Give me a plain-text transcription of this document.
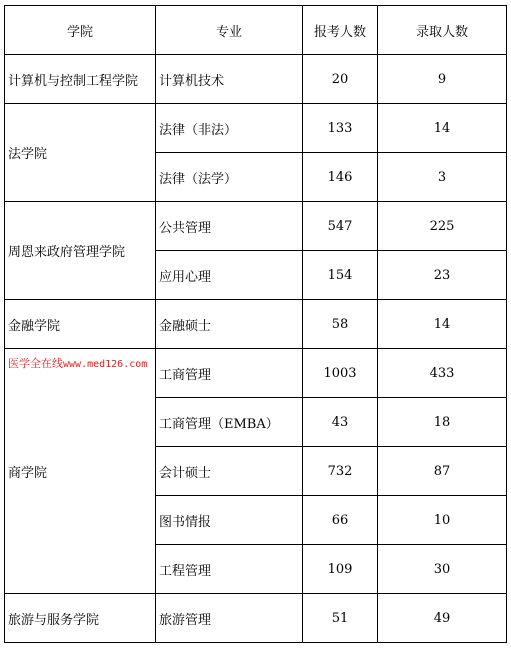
学院	专业	报考人数	录取人数
计算机与控制工程学院	计算机技术	20	9
法学院	法律（非法）	133	14
	法律（法学）	146	3
周恩来政府管理学院	公共管理	547	225
	应用心理	154	23
金融学院	金融硕士	58	14

医学全在线www.med126.com
商学院	工商管理	1003	433
	工商管理（EMBA）	43	18
	会计硕士	732	87
	图书情报	66	10
	工程管理	109	30
旅游与服务学院	旅游管理	51	49
